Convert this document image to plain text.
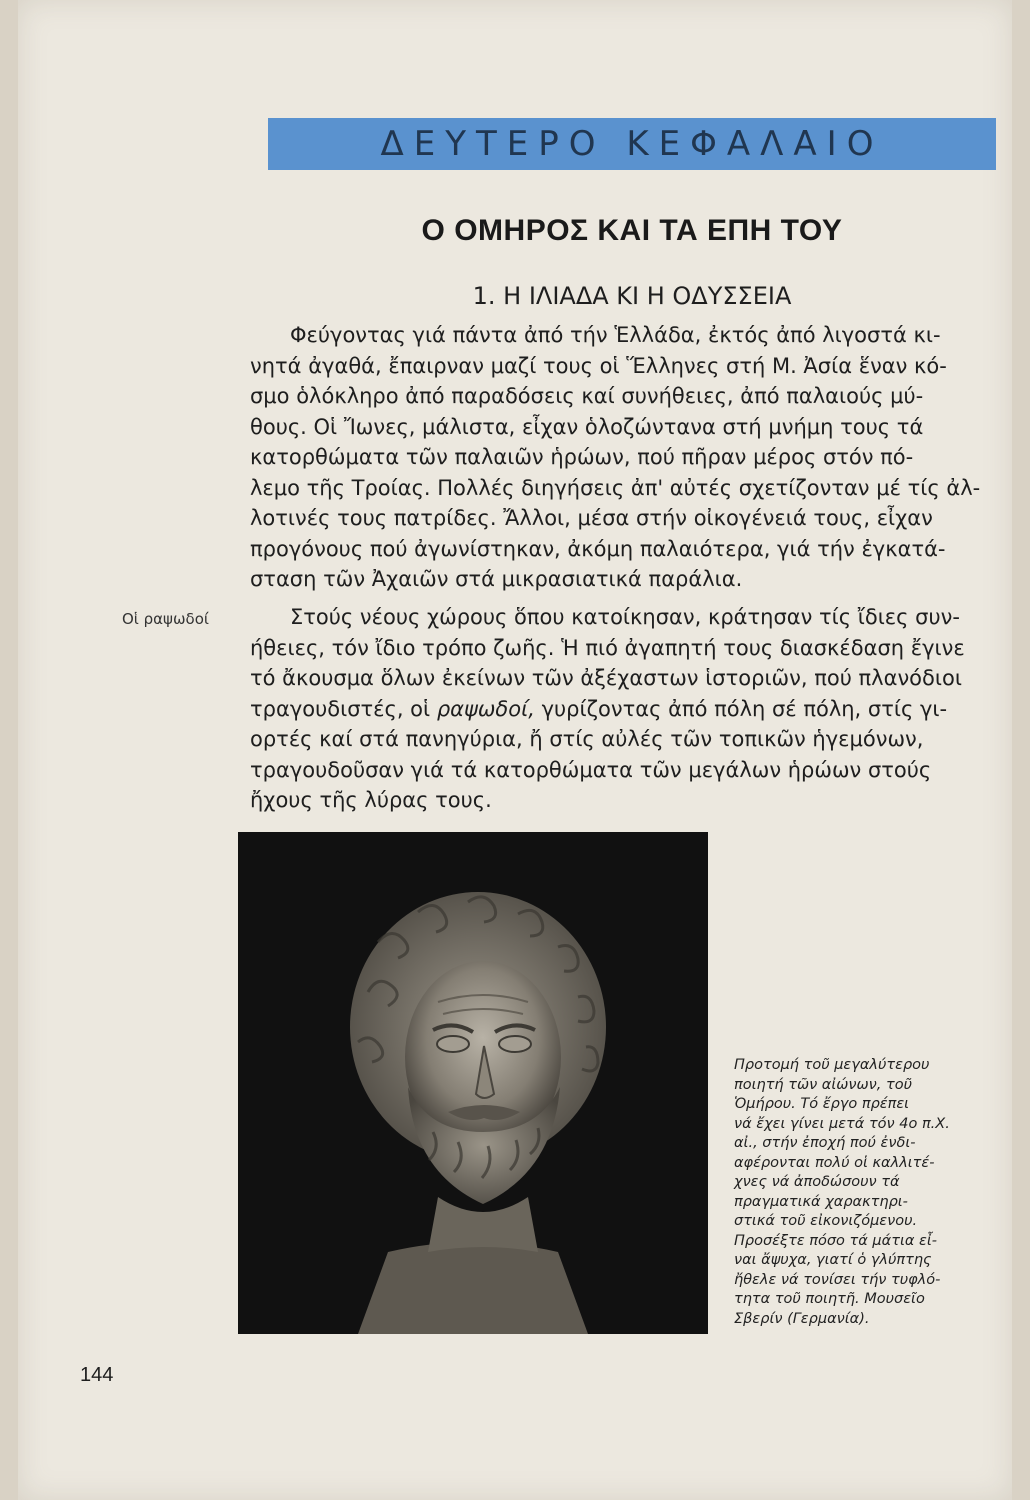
ΔΕΥΤΕΡΟ ΚΕΦΑΛΑΙΟ
Ο ΟΜΗΡΟΣ ΚΑΙ ΤΑ ΕΠΗ ΤΟΥ
1. Η ΙΛΙΑΔΑ ΚΙ Η ΟΔΥΣΣΕΙΑ
Φεύγοντας γιά πάντα ἀπό τήν Ἑλλάδα, ἐκτός ἀπό λιγοστά κι-
νητά ἀγαθά, ἔπαιρναν μαζί τους οἱ Ἕλληνες στή Μ. Ἀσία ἕναν κό-
σμο ὁλόκληρο ἀπό παραδόσεις καί συνήθειες, ἀπό παλαιούς μύ-
θους. Οἱ Ἴωνες, μάλιστα, εἶχαν ὁλοζώντανα στή μνήμη τους τά
κατορθώματα τῶν παλαιῶν ἡρώων, πού πῆραν μέρος στόν πό-
λεμο τῆς Τροίας. Πολλές διηγήσεις ἀπ' αὐτές σχετίζονταν μέ τίς ἀλ-
λοτινές τους πατρίδες. Ἄλλοι, μέσα στήν οἰκογένειά τους, εἶχαν
προγόνους πού ἀγωνίστηκαν, ἀκόμη παλαιότερα, γιά τήν ἐγκατά-
σταση τῶν Ἀχαιῶν στά μικρασιατικά παράλια.
Οἱ ραψωδοί	Στούς νέους χώρους ὅπου κατοίκησαν, κράτησαν τίς ἴδιες συν-
ήθειες, τόν ἴδιο τρόπο ζωῆς. Ἡ πιό ἀγαπητή τους διασκέδαση ἔγινε
τό ἄκουσμα ὅλων ἐκείνων τῶν ἀξέχαστων ἱστοριῶν, πού πλανόδιοι
τραγουδιστές, οἱ ραψωδοί, γυρίζοντας ἀπό πόλη σέ πόλη, στίς γι-
ορτές καί στά πανηγύρια, ἤ στίς αὐλές τῶν τοπικῶν ἡγεμόνων,
τραγουδοῦσαν γιά τά κατορθώματα τῶν μεγάλων ἡρώων στούς
ἤχους τῆς λύρας τους.
Προτομή τοῦ μεγαλύτερου
ποιητή τῶν αἰώνων, τοῦ
Ὁμήρου. Τό ἔργο πρέπει
νά ἔχει γίνει μετά τόν 4ο π.Χ.
αἰ., στήν ἐποχή πού ἐνδι-
αφέρονται πολύ οἱ καλλιτέ-
χνες νά ἀποδώσουν τά
πραγματικά χαρακτηρι-
στικά τοῦ εἰκονιζόμενου.
Προσέξτε πόσο τά μάτια εἶ-
ναι ἄψυχα, γιατί ὁ γλύπτης
ἤθελε νά τονίσει τήν τυφλό-
τητα τοῦ ποιητῆ. Μουσεῖο
Σβερίν (Γερμανία).
144
